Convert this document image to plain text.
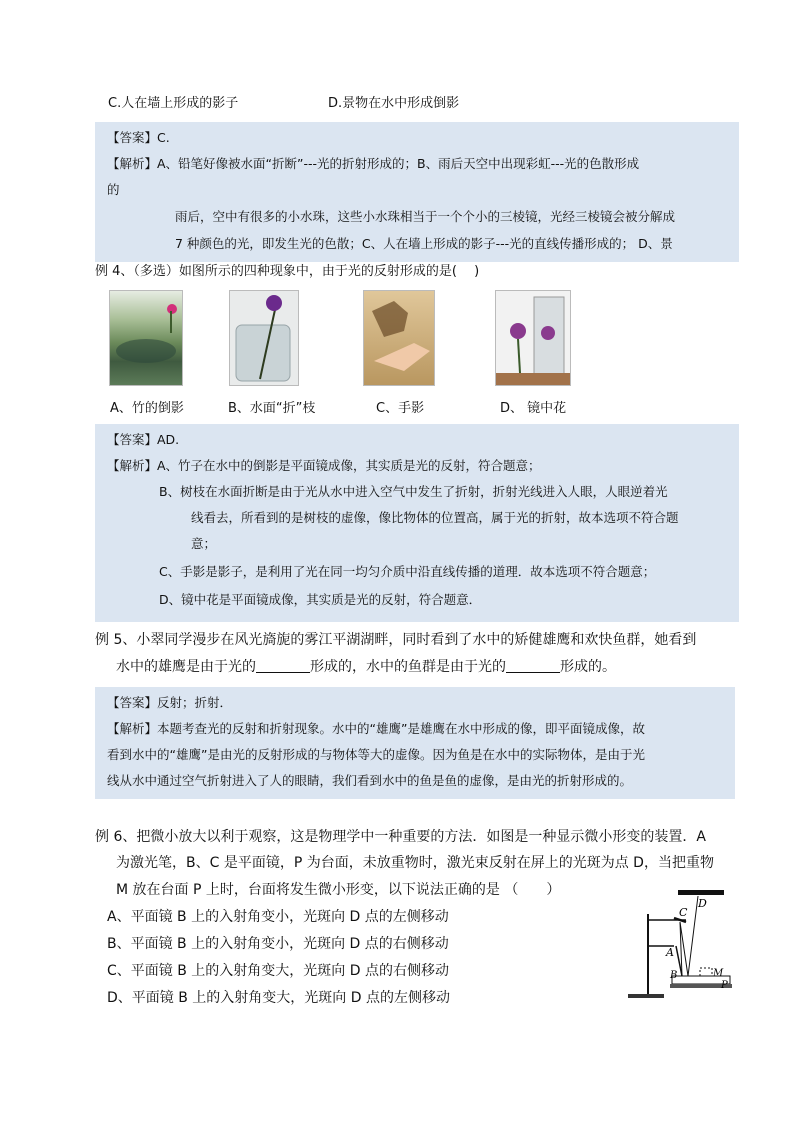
C.人在墙上形成的影子	D.景物在水中形成倒影
【答案】C.
【解析】A、铅笔好像被水面“折断”---光的折射形成的；B、雨后天空中出现彩虹---光的色散形成
的
雨后，空中有很多的小水珠，这些小水珠相当于一个个小的三棱镜，光经三棱镜会被分解成
7 种颜色的光，即发生光的色散；C、人在墙上形成的影子---光的直线传播形成的； D、景
例 4、（多选）如图所示的四种现象中，由于光的反射形成的是(　 )
A、竹的倒影	B、水面“折”枝	C、手影	D、 镜中花
【答案】AD.
【解析】A、竹子在水中的倒影是平面镜成像，其实质是光的反射，符合题意；
B、树枝在水面折断是由于光从水中进入空气中发生了折射，折射光线进入人眼，人眼逆着光
线看去，所看到的是树枝的虚像，像比物体的位置高，属于光的折射，故本选项不符合题
意；
C、手影是影子，是利用了光在同一均匀介质中沿直线传播的道理．故本选项不符合题意；
D、镜中花是平面镜成像，其实质是光的反射，符合题意．
例 5、小翠同学漫步在风光旖旎的雾江平湖湖畔，同时看到了水中的矫健雄鹰和欢快鱼群，她看到
水中的雄鹰是由于光的	形成的，水中的鱼群是由于光的	形成的。
【答案】反射；折射．
【解析】本题考查光的反射和折射现象。水中的“雄鹰”是雄鹰在水中形成的像，即平面镜成像，故
看到水中的“雄鹰”是由光的反射形成的与物体等大的虚像。因为鱼是在水中的实际物体，是由于光
线从水中通过空气折射进入了人的眼睛，我们看到水中的鱼是鱼的虚像，是由光的折射形成的。
例 6、把微小放大以利于观察，这是物理学中一种重要的方法．如图是一种显示微小形变的装置．A
为激光笔，B、C 是平面镜，P 为台面，未放重物时，激光束反射在屏上的光斑为点 D，当把重物
M 放在台面 P 上时，台面将发生微小形变，以下说法正确的是 （　　）
A、平面镜 B 上的入射角变小，光斑向 D 点的左侧移动
B、平面镜 B 上的入射角变小，光斑向 D 点的右侧移动
C、平面镜 B 上的入射角变大，光斑向 D 点的右侧移动
D、平面镜 B 上的入射角变大，光斑向 D 点的左侧移动
D
C
A
B	M
P
